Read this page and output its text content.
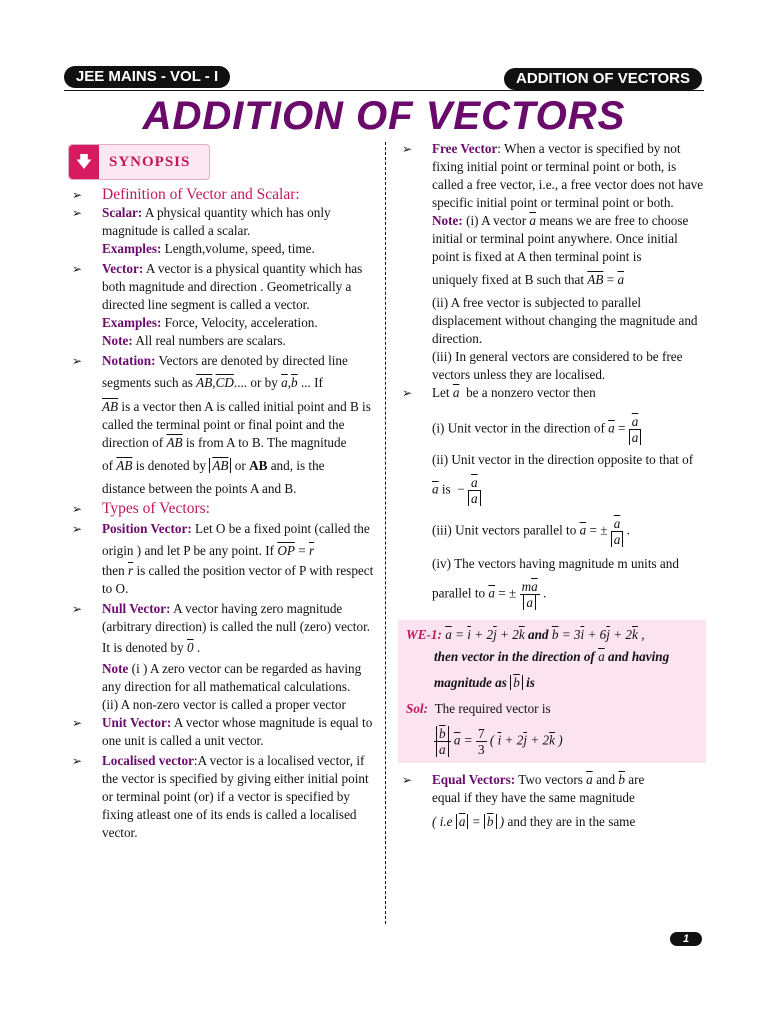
JEE MAINS - VOL - I	ADDITION OF VECTORS
ADDITION OF VECTORS
🡇	SYNOPSIS

➢ Definition of Vector and Scalar:

➢ Scalar: A physical quantity which has only magnitude is called a scalar.

Examples: Length,volume, speed, time.

➢ Vector: A vector is a physical quantity which has both magnitude and direction . Geometrically a directed line segment is called a vector.

Examples: Force, Velocity, acceleration.

Note: All real numbers are scalars.

➢ Notation: Vectors are denoted by directed line

segments such as $\overline{AB},\overline{CD}$.... or by $\overline{a},\overline{b}$ ... If

$\overline{AB}$ is a vector then A is called initial point and B is called the terminal point or final point and the direction of $\overline{AB}$ is from A to B. The magnitude

of $\overline{AB}$ is denoted by $\overline{AB}$ or AB and, is the

distance between the points A and B.

➢ Types of Vectors:

➢ Position Vector: Let O be a fixed point (called the origin ) and let P be any point. If $\overline{OP} = \overline{r}$

then $\overline{r}$ is called the position vector of P with respect to O.

➢ Null Vector: A vector having zero magnitude (arbitrary direction) is called the null (zero) vector.

It is denoted by 0 .

Note (i ) A zero vector can be regarded as having any direction for all mathematical calculations.

(ii) A non-zero vector is called a proper vector

➢ Unit Vector: A vector whose magnitude is equal to one unit is called a unit vector.

➢ Localised vector:A vector is a localised vector, if the vector is specified by giving either initial point or terminal point (or) if a vector is specified by fixing atleast one of its ends is called a localised vector.

➢ Free Vector: When a vector is specified by not fixing initial point or terminal point or both, is called a free vector, i.e., a free vector does not have specific initial point or terminal point or both.

Note: (i) A vector $\overline{a}$ means we are free to choose initial or terminal point anywhere. Once initial point is fixed at A then terminal point is

uniquely fixed at B such that $\overline{AB} = \overline{a}$

(ii) A free vector is subjected to parallel displacement without changing the magnitude and direction.

(iii) In general vectors are considered to be free vectors unless they are localised.

➢ Let $\overline{a}$ be a nonzero vector then

(i) Unit vector in the direction of $\overline{a} = \frac{\overline{a}}{a}$

(ii) Unit vector in the direction opposite to that of

$\overline{a}$ is  − $\frac{\overline{a}}{a}$

(iii) Unit vectors parallel to $\overline{a}$ = ± $\frac{\overline{a}}{a}$ .

(iv) The vectors having magnitude m units and

parallel to $\overline{a}$ = ± $\frac{m\overline{a}}{a}$ .

WE-1: $\overline{a} = \overline{i} + 2\overline{j} + 2\overline{k}$ and $\overline{b} = 3\overline{i} + 6\overline{j} + 2\overline{k}$ ,
then vector in the direction of $\overline{a}$ and having
magnitude as $\overline{b}$ is
Sol: The required vector is
$\frac{\overline{b}}{a} \overline{a} = \frac{7}{3}$ ( $\overline{i} + 2\overline{j} + 2\overline{k}$ )

➢ Equal Vectors: Two vectors $\overline{a}$ and $\overline{b}$ are

equal if they have the same magnitude

( i.e $\overline{a} = \overline{b}$ ) and they are in the same

1
